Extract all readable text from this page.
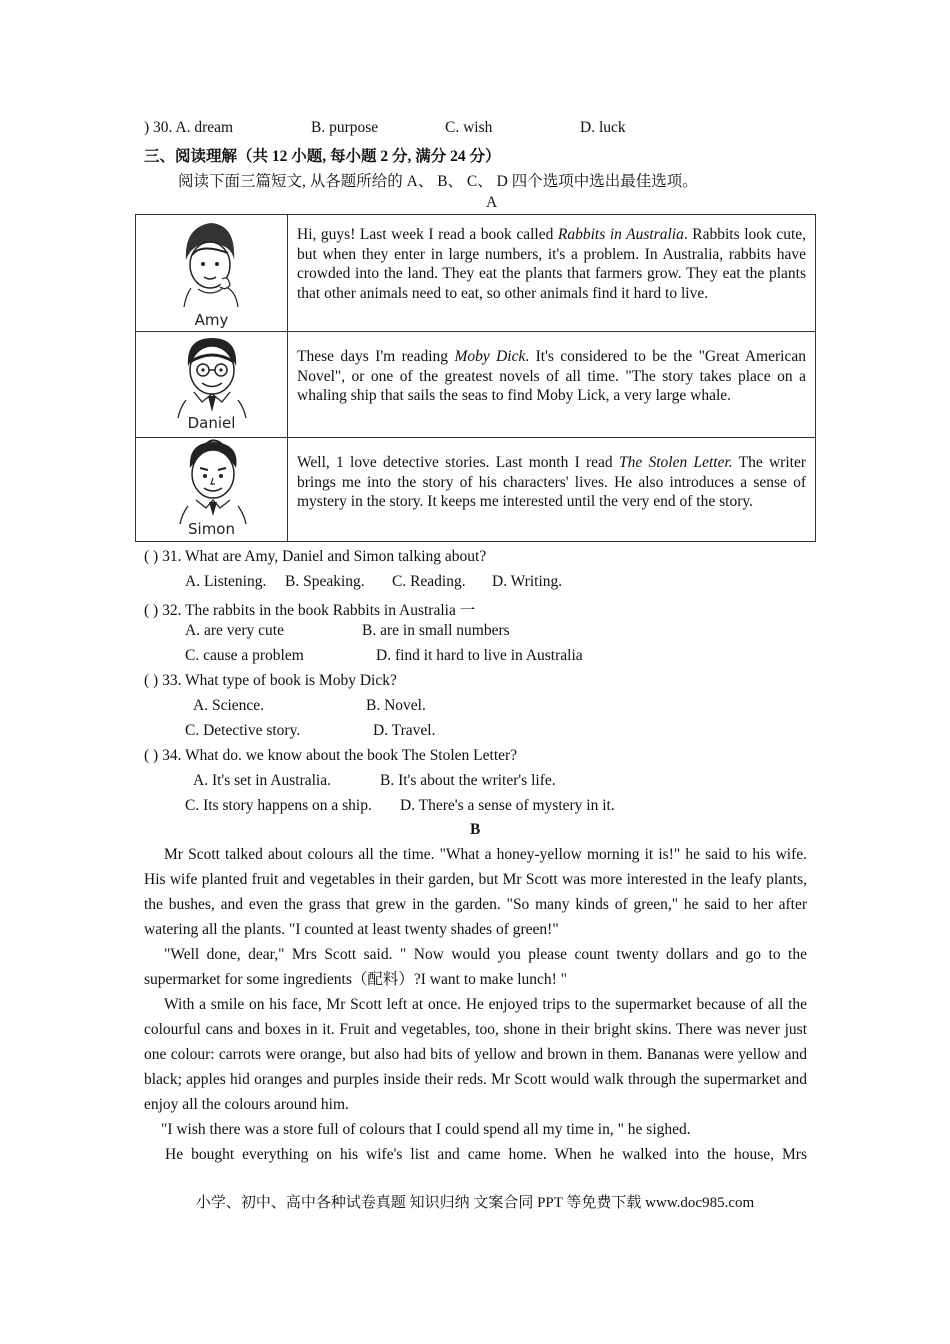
) 30. A. dream	B. purpose	C. wish	D. luck
三、阅读理解（共 12 小题, 每小题 2 分, 满分 24 分）
阅读下面三篇短文, 从各题所给的 A、 B、 C、 D 四个选项中选出最佳选项。
A
Amy	Hi, guys! Last week I read a book called Rabbits in Australia. Rabbits look cute, but when they enter in large numbers, it's a problem. In Australia, rabbits have crowded into the land. They eat the plants that farmers grow. They eat the plants that other animals need to eat, so other animals find it hard to live.

Daniel	These days I'm reading Moby Dick. It's considered to be the "Great American Novel", or one of the greatest novels of all time. "The story takes place on a whaling ship that sails the seas to find Moby Lick, a very large whale.

Simon	Well, 1 love detective stories. Last month I read The Stolen Letter. The writer brings me into the story of his characters' lives. He also introduces a sense of mystery in the story. It keeps me interested until the very end of the story.
( ) 31. What are Amy, Daniel and Simon talking about?
A. Listening. B. Speaking. C. Reading. D. Writing.
( ) 32. The rabbits in the book Rabbits in Australia 一
A. are very cute	B. are in small numbers
C. cause a problem	D. find it hard to live in Australia
( ) 33. What type of book is Moby Dick?
A. Science.	B. Novel.
C. Detective story.	D. Travel.
( ) 34. What do. we know about the book The Stolen Letter?
A. It's set in Australia.	B. It's about the writer's life.
C. Its story happens on a ship. D. There's a sense of mystery in it.
B

Mr Scott talked about colours all the time. "What a honey-yellow morning it is!" he said to his wife. His wife planted fruit and vegetables in their garden, but Mr Scott was more interested in the leafy plants, the bushes, and even the grass that grew in the garden. "So many kinds of green," he said to her after watering all the plants. "I counted at least twenty shades of green!"

"Well done, dear," Mrs Scott said. " Now would you please count twenty dollars and go to the supermarket for some ingredients（配料）?I want to make lunch! "

With a smile on his face, Mr Scott left at once. He enjoyed trips to the supermarket because of all the colourful cans and boxes in it. Fruit and vegetables, too, shone in their bright skins. There was never just one colour: carrots were orange, but also had bits of yellow and brown in them. Bananas were yellow and black; apples hid oranges and purples inside their reds. Mr Scott would walk through the supermarket and enjoy all the colours around him.

"I wish there was a store full of colours that I could spend all my time in, " he sighed.

He bought everything on his wife's list and came home. When he walked into the house, Mrs

小学、初中、高中各种试卷真题 知识归纳 文案合同 PPT 等免费下载 www.doc985.com
